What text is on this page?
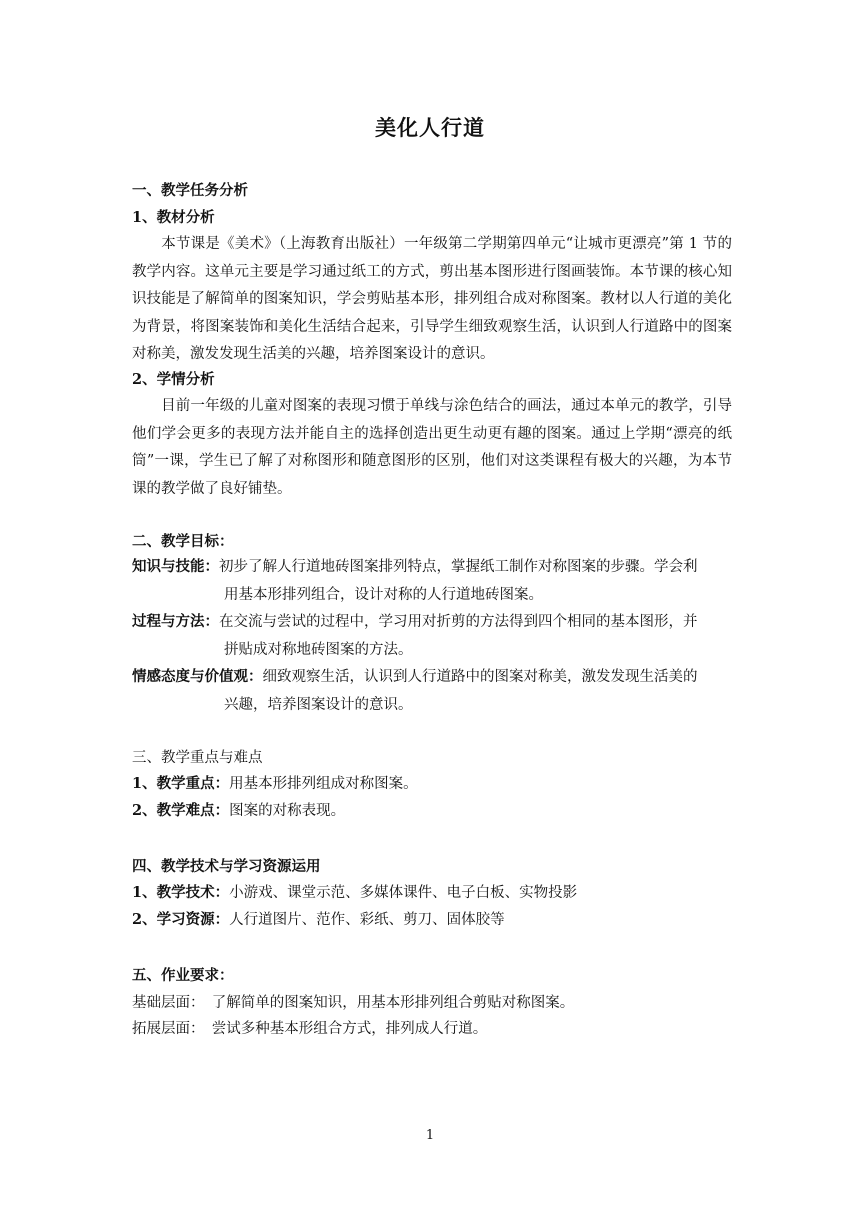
美化人行道
一、教学任务分析
1、教材分析
本节课是《美术》（上海教育出版社）一年级第二学期第四单元“让城市更漂亮”第 1 节的教学内容。这单元主要是学习通过纸工的方式，剪出基本图形进行图画装饰。本节课的核心知识技能是了解简单的图案知识，学会剪贴基本形，排列组合成对称图案。教材以人行道的美化为背景，将图案装饰和美化生活结合起来，引导学生细致观察生活，认识到人行道路中的图案对称美，激发发现生活美的兴趣，培养图案设计的意识。
2、学情分析
目前一年级的儿童对图案的表现习惯于单线与涂色结合的画法，通过本单元的教学，引导他们学会更多的表现方法并能自主的选择创造出更生动更有趣的图案。通过上学期“漂亮的纸筒”一课，学生已了解了对称图形和随意图形的区别，他们对这类课程有极大的兴趣，为本节课的教学做了良好铺垫。
二、教学目标：
知识与技能：初步了解人行道地砖图案排列特点，掌握纸工制作对称图案的步骤。学会利
用基本形排列组合，设计对称的人行道地砖图案。
过程与方法：在交流与尝试的过程中，学习用对折剪的方法得到四个相同的基本图形，并
拼贴成对称地砖图案的方法。
情感态度与价值观：细致观察生活，认识到人行道路中的图案对称美，激发发现生活美的
兴趣，培养图案设计的意识。
三、教学重点与难点
1、教学重点：用基本形排列组成对称图案。
2、教学难点：图案的对称表现。
四、教学技术与学习资源运用
1、教学技术：小游戏、课堂示范、多媒体课件、电子白板、实物投影
2、学习资源：人行道图片、范作、彩纸、剪刀、固体胶等
五、作业要求：
基础层面：　了解简单的图案知识，用基本形排列组合剪贴对称图案。
拓展层面：　尝试多种基本形组合方式，排列成人行道。
1
